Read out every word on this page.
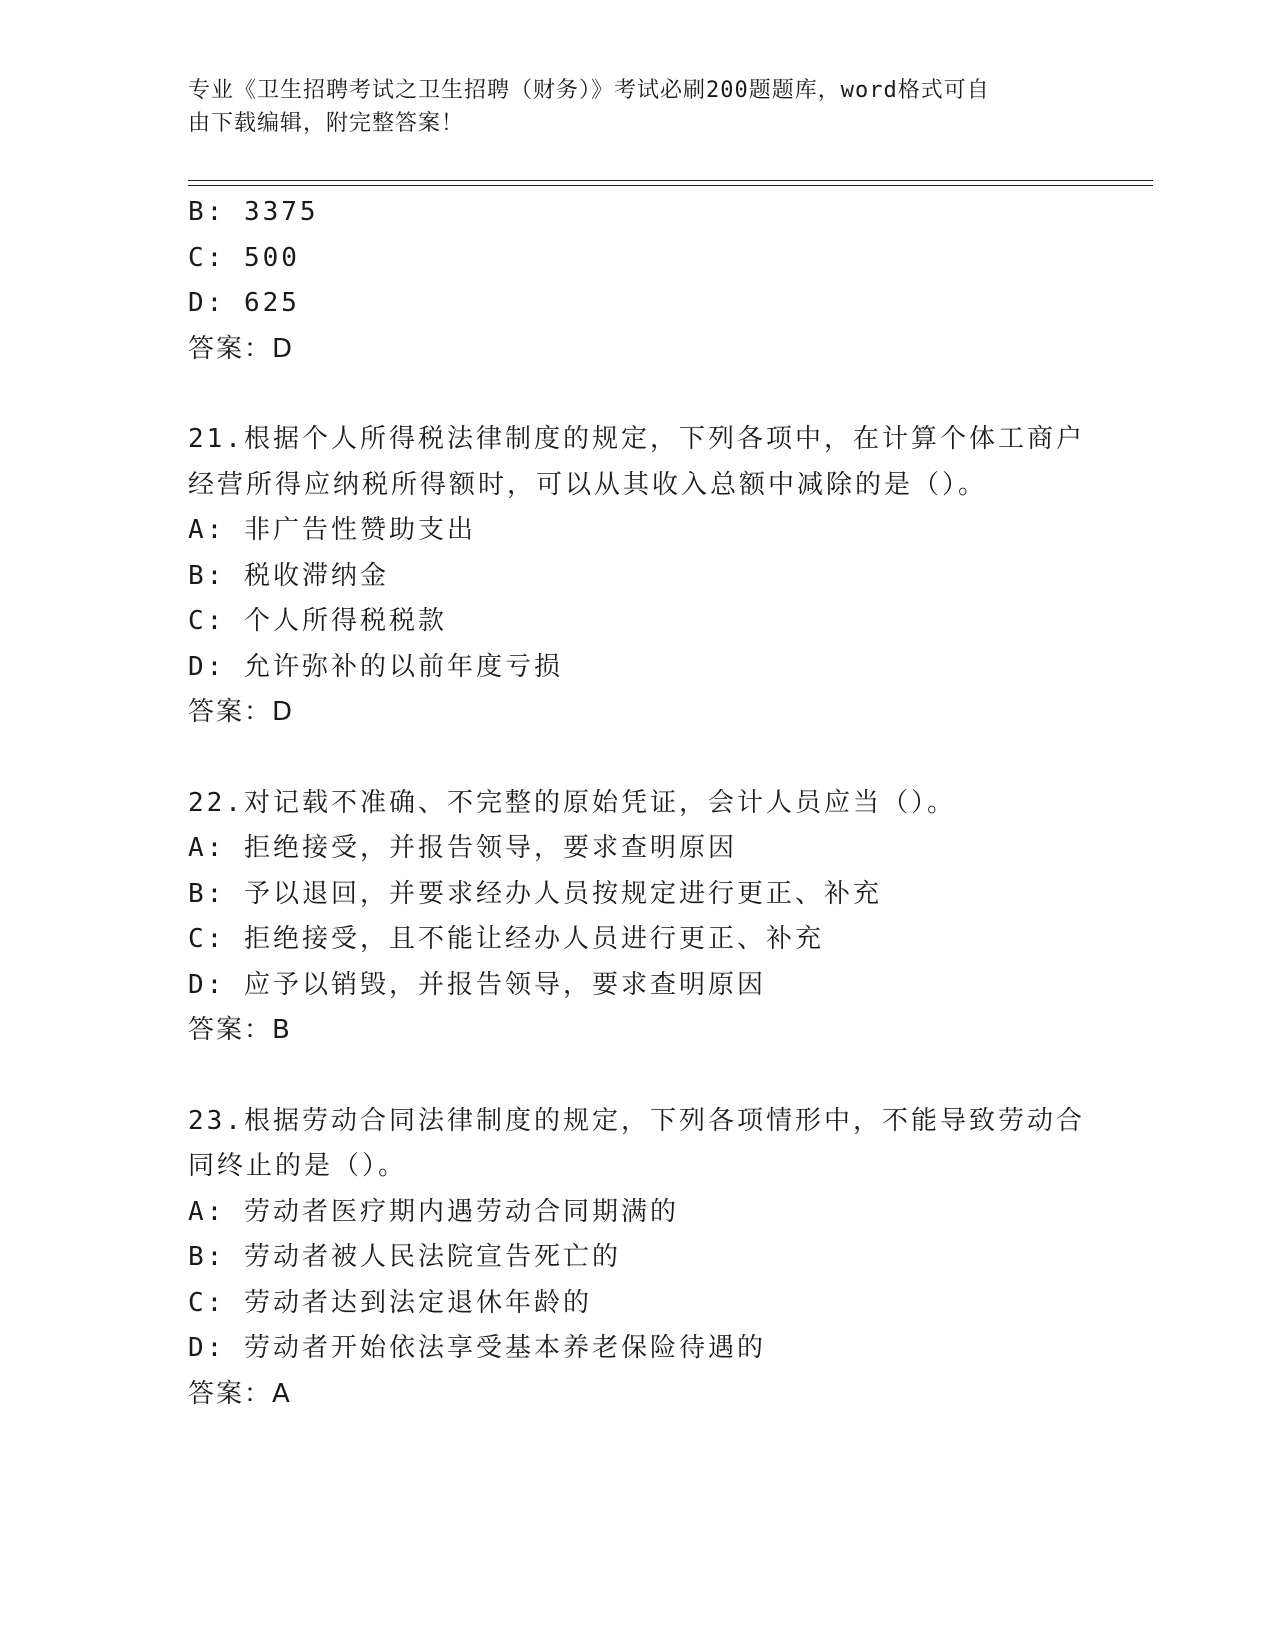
专业《卫生招聘考试之卫生招聘（财务）》考试必刷200题题库，word格式可自
由下载编辑，附完整答案！
B: 3375
C: 500
D: 625
答案：D
21.根据个人所得税法律制度的规定，下列各项中，在计算个体工商户
经营所得应纳税所得额时，可以从其收入总额中减除的是（）。
A: 非广告性赞助支出
B: 税收滞纳金
C: 个人所得税税款
D: 允许弥补的以前年度亏损
答案：D
22.对记载不准确、不完整的原始凭证，会计人员应当（）。
A: 拒绝接受，并报告领导，要求查明原因
B: 予以退回，并要求经办人员按规定进行更正、补充
C: 拒绝接受，且不能让经办人员进行更正、补充
D: 应予以销毁，并报告领导，要求查明原因
答案：B
23.根据劳动合同法律制度的规定，下列各项情形中，不能导致劳动合
同终止的是（）。
A: 劳动者医疗期内遇劳动合同期满的
B: 劳动者被人民法院宣告死亡的
C: 劳动者达到法定退休年龄的
D: 劳动者开始依法享受基本养老保险待遇的
答案：A
